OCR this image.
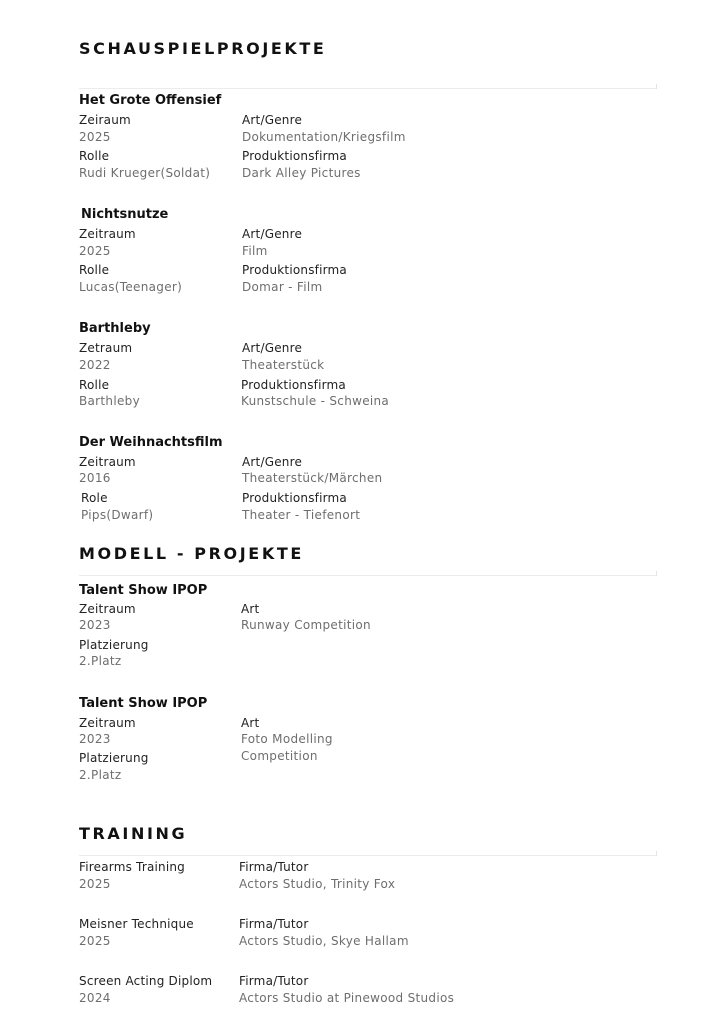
SCHAUSPIELPROJEKTE
Het Grote Offensief
Zeiraum
2025
Rolle
Rudi Krueger(Soldat)
Art/Genre
Dokumentation/Kriegsfilm
Produktionsfirma
Dark Alley Pictures
Nichtsnutze
Zeitraum
2025
Rolle
Lucas(Teenager)
Art/Genre
Film
Produktionsfirma
Domar - Film
Barthleby
Zetraum
2022
Rolle
Barthleby
Art/Genre
Theaterstück
Produktionsfirma
Kunstschule - Schweina
Der Weihnachtsfilm
Zeitraum
2016
Role
Pips(Dwarf)
Art/Genre
Theaterstück/Märchen
Produktionsfirma
Theater - Tiefenort
MODELL - PROJEKTE
Talent Show IPOP
Zeitraum
2023
Platzierung
2.Platz
Art
Runway Competition
Talent Show IPOP
Zeitraum
2023
Platzierung
2.Platz
Art
Foto Modelling
Competition
TRAINING
Firearms Training
2025
Firma/Tutor
Actors Studio, Trinity Fox
Meisner Technique
2025
Firma/Tutor
Actors Studio, Skye Hallam
Screen Acting Diplom
2024
Firma/Tutor
Actors Studio at Pinewood Studios
